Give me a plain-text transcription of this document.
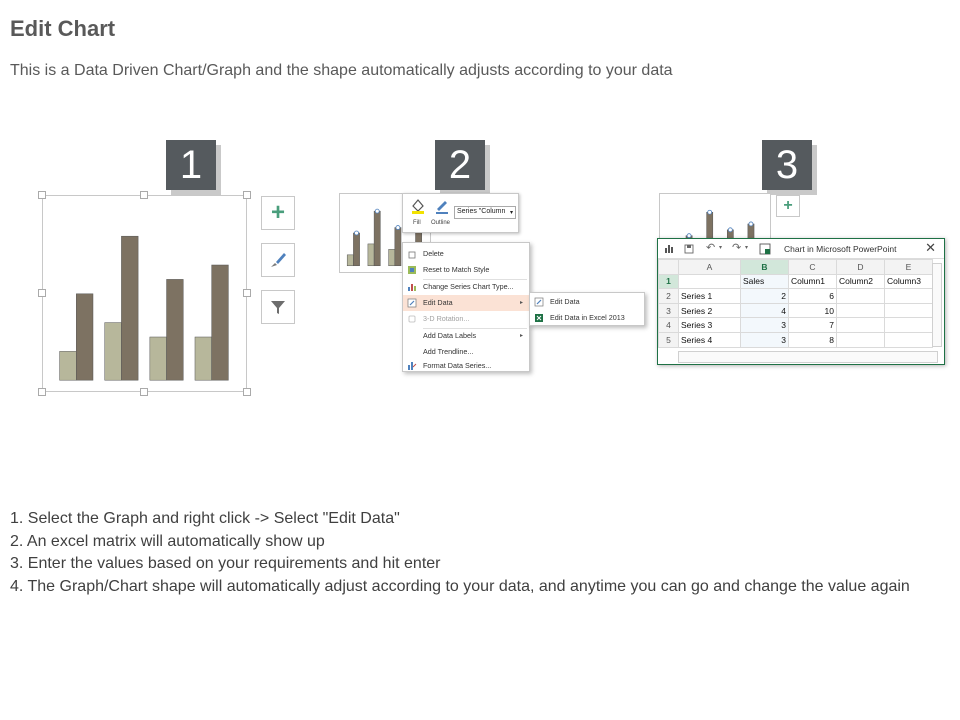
Edit Chart
This is a Data Driven Chart/Graph and the shape automatically adjusts according to your data
1	2	3
+	Fill Outline
Series "Column ▾
Delete
Reset to Match Style
Change Series Chart Type...
Edit Data	▸
3-D Rotation...
Add Data Labels	▸
Add Trendline...
Format Data Series...
Edit Data
Edit Data in Excel 2013
+
↶ ▾ ↷ ▾	Chart in Microsoft PowerPoint ✕
	A	B	C	D	E
1		Sales	Column1	Column2	Column3
2	Series 1	2	6		
3	Series 2	4	10		
4	Series 3	3	7		
5	Series 4	3	8		

1. Select the Graph and right click -> Select "Edit Data"

2. An excel matrix will automatically show up

3. Enter the values based on your requirements and hit enter

4. The Graph/Chart shape will automatically adjust according to your data, and anytime you can go and change the value again
